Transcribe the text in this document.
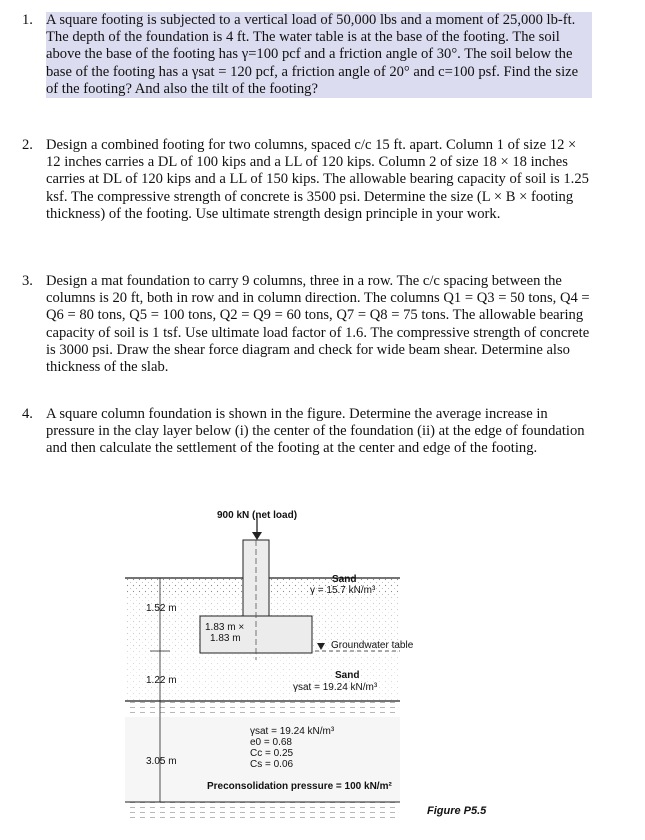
1. A square footing is subjected to a vertical load of 50,000 lbs and a moment of 25,000 lb-ft. The depth of the foundation is 4 ft. The water table is at the base of the footing. The soil above the base of the footing has γ=100 pcf and a friction angle of 30°. The soil below the base of the footing has a γsat = 120 pcf, a friction angle of 20° and c=100 psf. Find the size of the footing? And also the tilt of the footing?
2. Design a combined footing for two columns, spaced c/c 15 ft. apart. Column 1 of size 12 × 12 inches carries a DL of 100 kips and a LL of 120 kips. Column 2 of size 18 × 18 inches carries at DL of 120 kips and a LL of 150 kips. The allowable bearing capacity of soil is 1.25 ksf. The compressive strength of concrete is 3500 psi. Determine the size (L × B × footing thickness) of the footing. Use ultimate strength design principle in your work.
3. Design a mat foundation to carry 9 columns, three in a row. The c/c spacing between the columns is 20 ft, both in row and in column direction. The columns Q1 = Q3 = 50 tons, Q4 = Q6 = 80 tons, Q5 = 100 tons, Q2 = Q9 = 60 tons, Q7 = Q8 = 75 tons. The allowable bearing capacity of soil is 1 tsf. Use ultimate load factor of 1.6. The compressive strength of concrete is 3000 psi. Draw the shear force diagram and check for wide beam shear. Determine also thickness of the slab.
4. A square column foundation is shown in the figure. Determine the average increase in pressure in the clay layer below (i) the center of the foundation (ii) at the edge of foundation and then calculate the settlement of the footing at the center and edge of the footing.
900 kN (net load)
1.52 m
1.22 m
3.05 m
1.83 m ×
1.83 m
Sand
γ = 15.7 kN/m³
Groundwater table
Sand
γsat = 19.24 kN/m³
γsat = 19.24 kN/m³
e0 = 0.68
Cc = 0.25
Cs = 0.06
Preconsolidation pressure = 100 kN/m²
Figure P5.5
